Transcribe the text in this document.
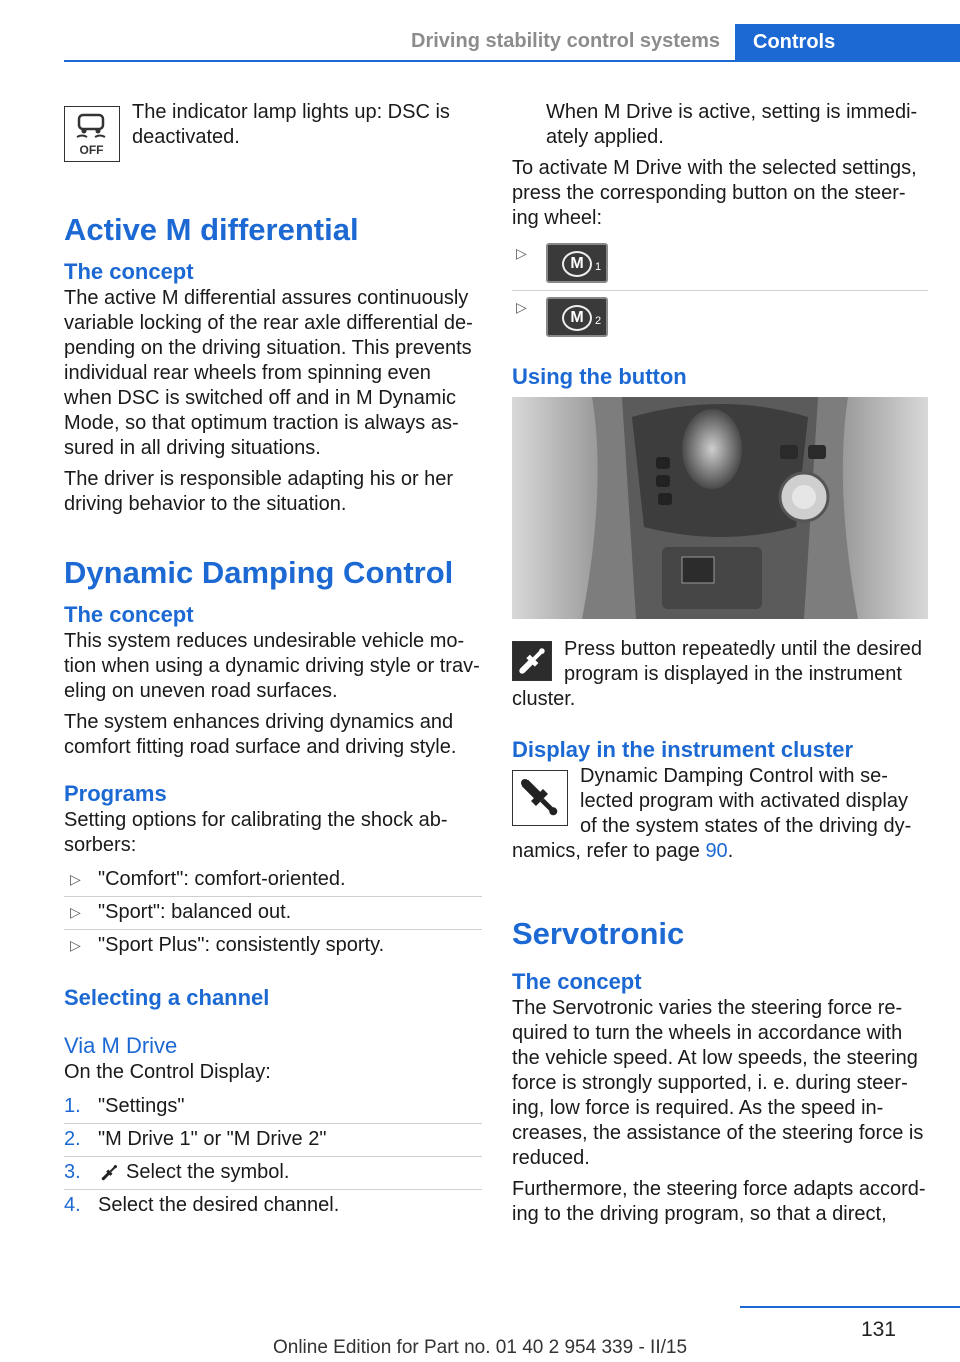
Driving stability control systems	Controls
OFF

The indicator lamp lights up: DSC is deactivated.

Active M differential
The concept

The active M differential assures continuously variable locking of the rear axle differential de-pending on the driving situation. This prevents individual rear wheels from spinning even when DSC is switched off and in M Dynamic Mode, so that optimum traction is always as-sured in all driving situations.

The driver is responsible adapting his or her driving behavior to the situation.

Dynamic Damping Control
The concept

This system reduces undesirable vehicle mo-tion when using a dynamic driving style or trav-eling on uneven road surfaces.

The system enhances driving dynamics and comfort fitting road surface and driving style.

Programs

Setting options for calibrating the shock ab-sorbers:

▷ "Comfort": comfort-oriented.
▷ "Sport": balanced out.
▷ "Sport Plus": consistently sporty.
Selecting a channel
Via M Drive

On the Control Display:

1. "Settings"
2. "M Drive 1" or "M Drive 2"
3. Select the symbol.
4. Select the desired channel.

When M Drive is active, setting is immedi-ately applied.

To activate M Drive with the selected settings, press the corresponding button on the steer-ing wheel:

▷
M	1
▷
M	2
Using the button

Press button repeatedly until the desired program is displayed in the instrument cluster.

Display in the instrument cluster

Dynamic Damping Control with se-lected program with activated display of the system states of the driving dy-namics, refer to page 90.

Servotronic
The concept

The Servotronic varies the steering force re-quired to turn the wheels in accordance with the vehicle speed. At low speeds, the steering force is strongly supported, i. e. during steer-ing, low force is required. As the speed in-creases, the assistance of the steering force is reduced.

Furthermore, the steering force adapts accord-ing to the driving program, so that a direct,

131
Online Edition for Part no. 01 40 2 954 339 - II/15
